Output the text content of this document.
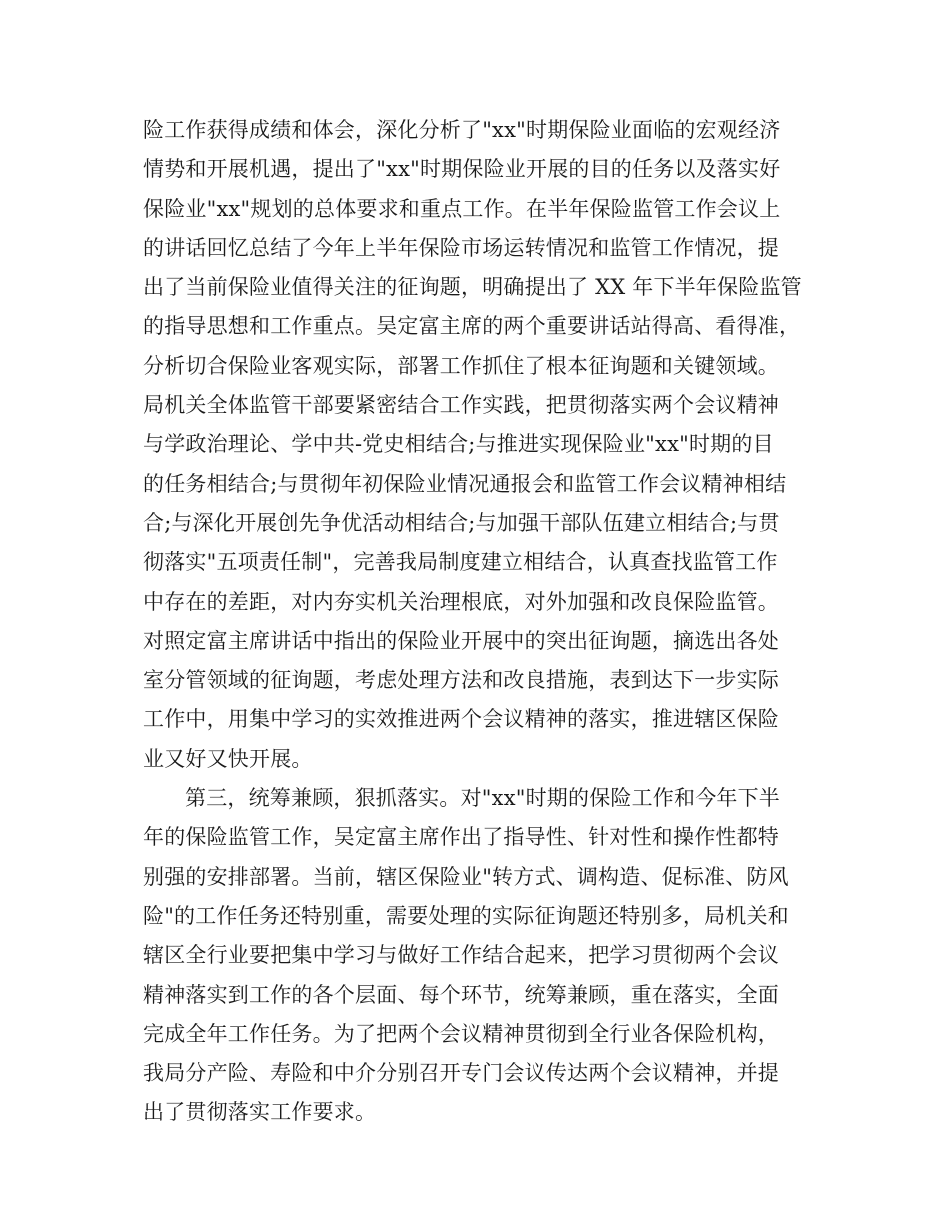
险工作获得成绩和体会，深化分析了"xx"时期保险业面临的宏观经济
情势和开展机遇，提出了"xx"时期保险业开展的目的任务以及落实好
保险业"xx"规划的总体要求和重点工作。在半年保险监管工作会议上
的讲话回忆总结了今年上半年保险市场运转情况和监管工作情况，提
出了当前保险业值得关注的征询题，明确提出了 XX 年下半年保险监管
的指导思想和工作重点。吴定富主席的两个重要讲话站得高、看得准，
分析切合保险业客观实际，部署工作抓住了根本征询题和关键领域。
局机关全体监管干部要紧密结合工作实践，把贯彻落实两个会议精神
与学政治理论、学中共-党史相结合;与推进实现保险业"xx"时期的目
的任务相结合;与贯彻年初保险业情况通报会和监管工作会议精神相结
合;与深化开展创先争优活动相结合;与加强干部队伍建立相结合;与贯
彻落实"五项责任制"，完善我局制度建立相结合，认真查找监管工作
中存在的差距，对内夯实机关治理根底，对外加强和改良保险监管。
对照定富主席讲话中指出的保险业开展中的突出征询题，摘选出各处
室分管领域的征询题，考虑处理方法和改良措施，表到达下一步实际
工作中，用集中学习的实效推进两个会议精神的落实，推进辖区保险
业又好又快开展。
第三，统筹兼顾，狠抓落实。对"xx"时期的保险工作和今年下半
年的保险监管工作，吴定富主席作出了指导性、针对性和操作性都特
别强的安排部署。当前，辖区保险业"转方式、调构造、促标准、防风
险"的工作任务还特别重，需要处理的实际征询题还特别多，局机关和
辖区全行业要把集中学习与做好工作结合起来，把学习贯彻两个会议
精神落实到工作的各个层面、每个环节，统筹兼顾，重在落实，全面
完成全年工作任务。为了把两个会议精神贯彻到全行业各保险机构，
我局分产险、寿险和中介分别召开专门会议传达两个会议精神，并提
出了贯彻落实工作要求。
